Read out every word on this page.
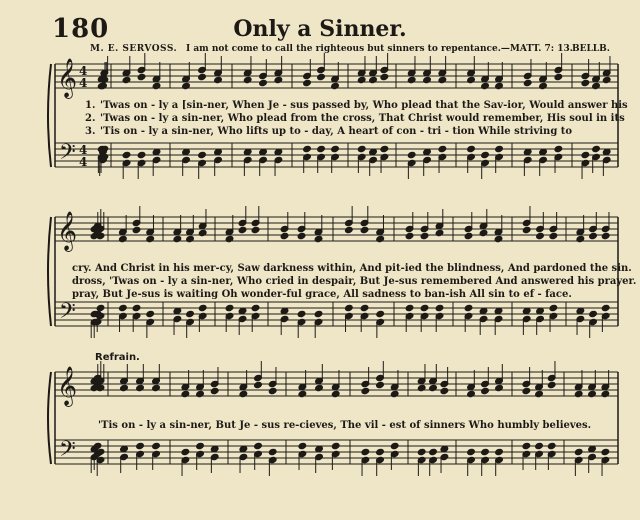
180	Only a Sinner.
M. E. SERVOSS. I am not come to call the righteous but sinners to repentance.—MATT. 7: 13. BELLB.
𝄞
𝄢
4
4
4
4
𝄞
𝄢
𝄞
𝄢
1. 'Twas on - ly a [sin-ner, When Je - sus passed by, Who plead that the Sav-ior, Would answer his
2. 'Twas on - ly a sin-ner, Who plead from the cross, That Christ would remember, His soul in its
3. 'Tis on - ly a sin-ner, Who lifts up to - day, A heart of con - tri - tion While striving to
cry. And Christ in his mer-cy, Saw darkness within, And pit-ied the blindness, And pardoned the sin.
dross, 'Twas on - ly a sin-ner, Who cried in despair, But Je-sus remembered And answered his prayer.
pray, But Je-sus is waiting Oh wonder-ful grace, All sadness to ban-ish All sin to ef - face.
Refrain.
'Tis on - ly a sin-ner, But Je - sus re-cieves, The vil - est of sinners Who humbly believes.
